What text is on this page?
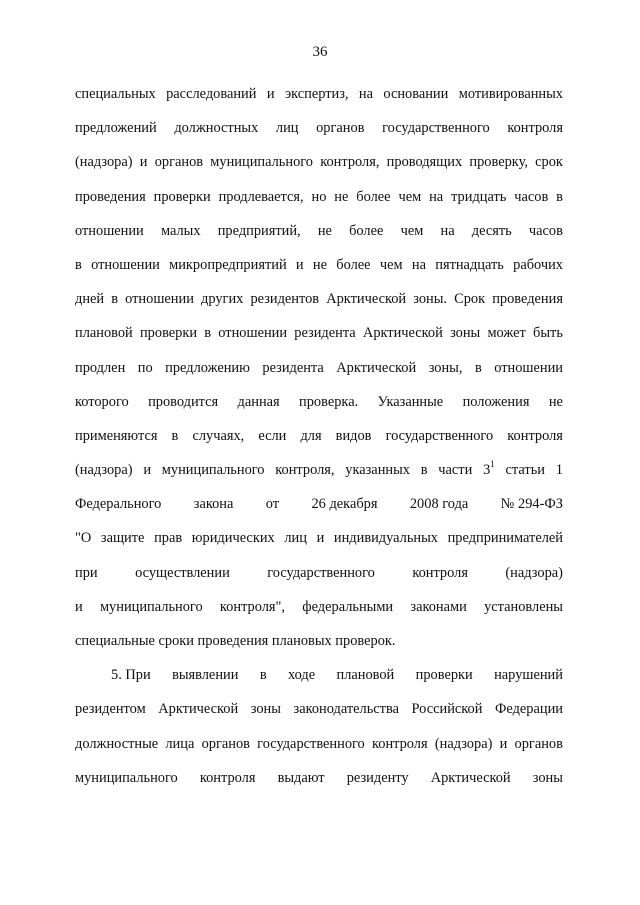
36
специальных расследований и экспертиз, на основании мотивированных
предложений должностных лиц органов государственного контроля
(надзора) и органов муниципального контроля, проводящих проверку, срок
проведения проверки продлевается, но не более чем на тридцать часов в
отношении малых предприятий, не более чем на десять часов
в отношении микропредприятий и не более чем на пятнадцать рабочих
дней в отношении других резидентов Арктической зоны. Срок проведения
плановой проверки в отношении резидента Арктической зоны может быть
продлен по предложению резидента Арктической зоны, в отношении
которого проводится данная проверка. Указанные положения не
применяются в случаях, если для видов государственного контроля
(надзора) и муниципального контроля, указанных в части $3^1$ статьи 1
Федерального закона от 26 декабря 2008 года № 294-ФЗ
"О защите прав юридических лиц и индивидуальных предпринимателей
при	осуществлении	государственного	контроля	(надзора)
и муниципального контроля", федеральными законами установлены
специальные сроки проведения плановых проверок.
5. При выявлении в ходе плановой проверки нарушений
резидентом Арктической зоны законодательства Российской Федерации
должностные лица органов государственного контроля (надзора) и органов
муниципального контроля выдают резиденту Арктической зоны
